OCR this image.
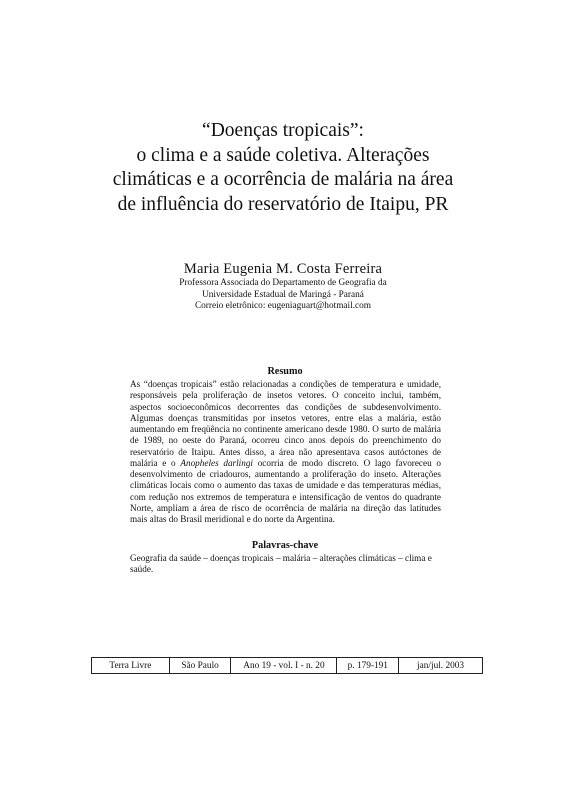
“Doenças tropicais”:
o clima e a saúde coletiva. Alterações
climáticas e a ocorrência de malária na área
de influência do reservatório de Itaipu, PR
Maria Eugenia M. Costa Ferreira
Professora Associada do Departamento de Geografia da
Universidade Estadual de Maringá - Paraná
Correio eletrônico: eugeniaguart@hotmail.com
Resumo

As “doenças tropicais” estão relacionadas a condições de temperatura e umidade, responsáveis pela proliferação de insetos vetores. O conceito inclui, também, aspectos socioeconômicos decorrentes das condições de subdesenvolvimento. Algumas doenças transmitidas por insetos vetores, entre elas a malária, estão aumentando em freqüência no continente americano desde 1980. O surto de malária de 1989, no oeste do Paraná, ocorreu cinco anos depois do preenchimento do reservatório de Itaipu. Antes disso, a área não apresentava casos autóctones de malária e o Anopheles darlingi ocorria de modo discreto. O lago favoreceu o desenvolvimento de criadouros, aumentando a proliferação do inseto. Alterações climáticas locais como o aumento das taxas de umidade e das temperaturas médias, com redução nos extremos de temperatura e intensificação de ventos do quadrante Norte, ampliam a área de risco de ocorrência de malária na direção das latitudes mais altas do Brasil meridional e do norte da Argentina.

Palavras-chave

Geografia da saúde – doenças tropicais – malária – alterações climáticas – clima e saúde.

Terra Livre	São Paulo	Ano 19 - vol. I - n. 20	p. 179-191	jan/jul. 2003
